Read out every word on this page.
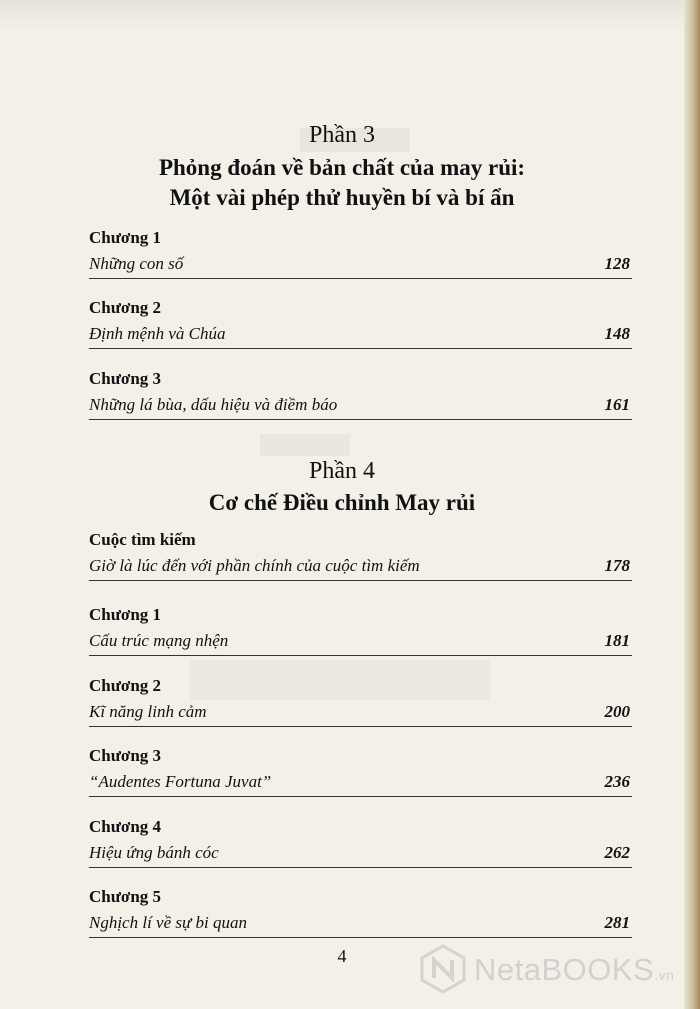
Phần 3
Phỏng đoán về bản chất của may rủi:
Một vài phép thử huyền bí và bí ẩn
Chương 1
Những con số	128
Chương 2
Định mệnh và Chúa	148
Chương 3
Những lá bùa, dấu hiệu và điềm báo	161
Phần 4
Cơ chế Điều chỉnh May rủi
Cuộc tìm kiếm
Giờ là lúc đến với phần chính của cuộc tìm kiếm	178
Chương 1
Cấu trúc mạng nhện	181
Chương 2
Kĩ năng linh cảm	200
Chương 3
“Audentes Fortuna Juvat”	236
Chương 4
Hiệu ứng bánh cóc	262
Chương 5
Nghịch lí về sự bi quan	281
4	NetaBOOKS.vn
